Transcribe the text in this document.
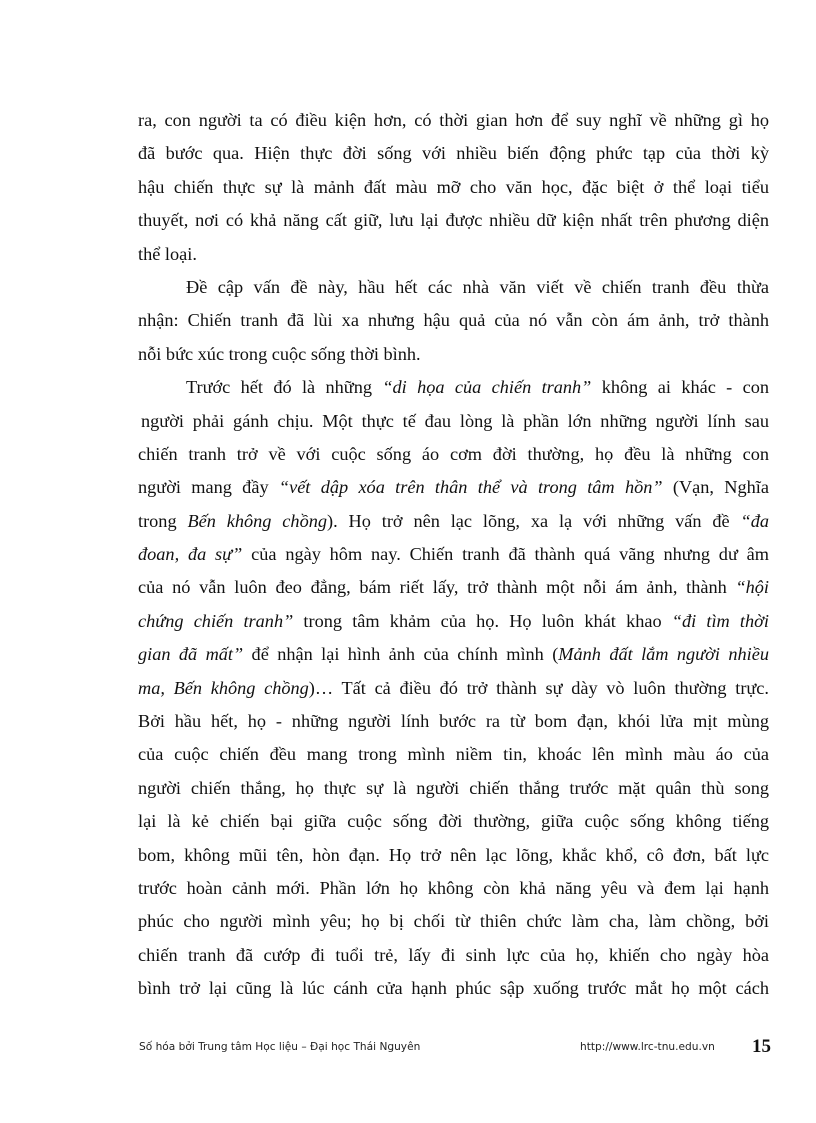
ra, con người ta có điều kiện hơn, có thời gian hơn để suy nghĩ về những gì họ
đã bước qua. Hiện thực đời sống với nhiều biến động phức tạp của thời kỳ
hậu chiến thực sự là mảnh đất màu mỡ cho văn học, đặc biệt ở thể loại tiểu
thuyết, nơi có khả năng cất giữ, lưu lại được nhiều dữ kiện nhất trên phương diện
thể loại.
Đề cập vấn đề này, hầu hết các nhà văn viết về chiến tranh đều thừa
nhận: Chiến tranh đã lùi xa nhưng hậu quả của nó vẫn còn ám ảnh, trở thành
nỗi bức xúc trong cuộc sống thời bình.
Trước hết đó là những “di họa của chiến tranh” không ai khác - con
người phải gánh chịu. Một thực tế đau lòng là phần lớn những người lính sau
chiến tranh trở về với cuộc sống áo cơm đời thường, họ đều là những con
người mang đầy “vết dập xóa trên thân thể và trong tâm hồn” (Vạn, Nghĩa
trong Bến không chồng). Họ trở nên lạc lõng, xa lạ với những vấn đề “đa
đoan, đa sự” của ngày hôm nay. Chiến tranh đã thành quá vãng nhưng dư âm
của nó vẫn luôn đeo đẳng, bám riết lấy, trở thành một nỗi ám ảnh, thành “hội
chứng chiến tranh” trong tâm khảm của họ. Họ luôn khát khao “đi tìm thời
gian đã mất” để nhận lại hình ảnh của chính mình (Mảnh đất lắm người nhiều
ma, Bến không chồng)… Tất cả điều đó trở thành sự dày vò luôn thường trực.
Bởi hầu hết, họ - những người lính bước ra từ bom đạn, khói lửa mịt mùng
của cuộc chiến đều mang trong mình niềm tin, khoác lên mình màu áo của
người chiến thắng, họ thực sự là người chiến thắng trước mặt quân thù song
lại là kẻ chiến bại giữa cuộc sống đời thường, giữa cuộc sống không tiếng
bom, không mũi tên, hòn đạn. Họ trở nên lạc lõng, khắc khổ, cô đơn, bất lực
trước hoàn cảnh mới. Phần lớn họ không còn khả năng yêu và đem lại hạnh
phúc cho người mình yêu; họ bị chối từ thiên chức làm cha, làm chồng, bởi
chiến tranh đã cướp đi tuổi trẻ, lấy đi sinh lực của họ, khiến cho ngày hòa
bình trở lại cũng là lúc cánh cửa hạnh phúc sập xuống trước mắt họ một cách
Số hóa bởi Trung tâm Học liệu – Đại học Thái Nguyên	http://www.lrc-tnu.edu.vn 15
